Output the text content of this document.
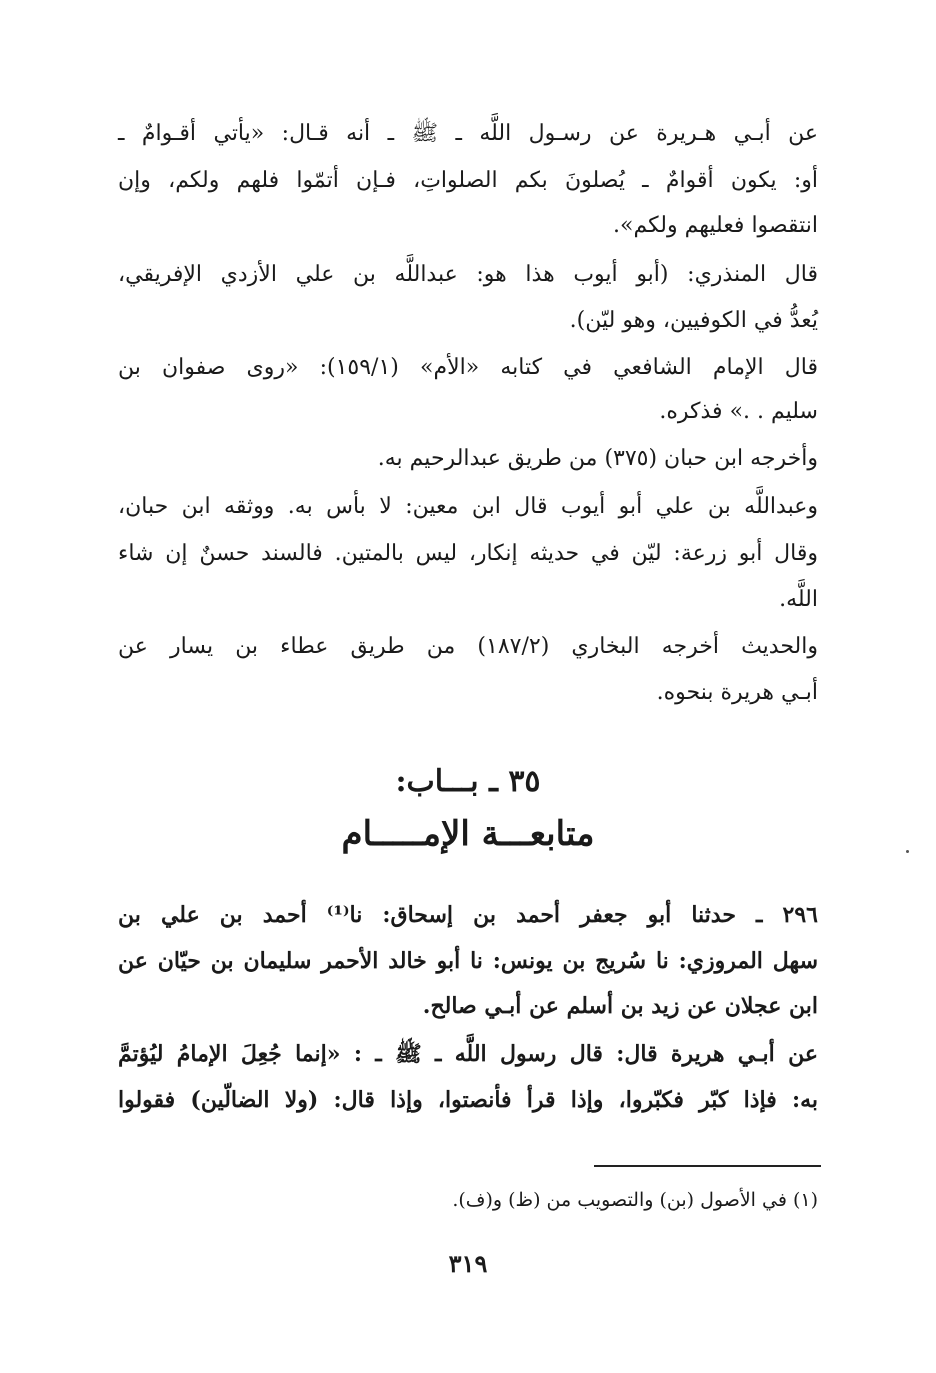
عن أبـي هـريرة عن رسـول اللَّه ـ ﷺ ـ أنه قـال: «يأتي أقـوامٌ ـ
أو: يكون أقوامٌ ـ يُصلونَ بكم الصلواتِ، فـإن أتمّوا فلهم ولكم، وإن
انتقصوا فعليهم ولكم».
قال المنذري: (أبو أيوب هذا هو: عبداللَّه بن علي الأزدي الإفريقي،
يُعدُّ في الكوفيين، وهو ليّن).
قال الإمام الشافعي في كتابه «الأم» (١٥٩/١): «روى صفوان بن
سليم . .» فذكره.
وأخرجه ابن حبان (٣٧٥) من طريق عبدالرحيم به.
وعبداللَّه بن علي أبو أيوب قال ابن معين: لا بأس به. ووثقه ابن حبان،
وقال أبو زرعة: ليّن في حديثه إنكار، ليس بالمتين. فالسند حسنٌ إن شاء
اللَّه.
والحديث أخرجه البخاري (١٨٧/٢) من طريق عطاء بن يسار عن
أبـي هريرة بنحوه.
٣٥ ـ بـــاب:
متابعـــة الإمـــــام
٢٩٦ ـ حدثنا أبو جعفر أحمد بن إسحاق: نا⁽¹⁾ أحمد بن علي بن
سهل المروزي: نا سُريج بن يونس: نا أبو خالد الأحمر سليمان بن حيّان عن
ابن عجلان عن زيد بن أسلم عن أبـي صالح.
عن أبـي هريرة قال: قال رسول اللَّه ـ ﷺ ـ : «إنما جُعِلَ الإمامُ ليُؤتمَّ
به: فإذا كبّر فكبّروا، وإذا قرأ فأنصتوا، وإذا قال: (ولا الضالّين) فقولوا
(١) في الأصول (بن) والتصويب من (ظ) و(ف).
٣١٩
